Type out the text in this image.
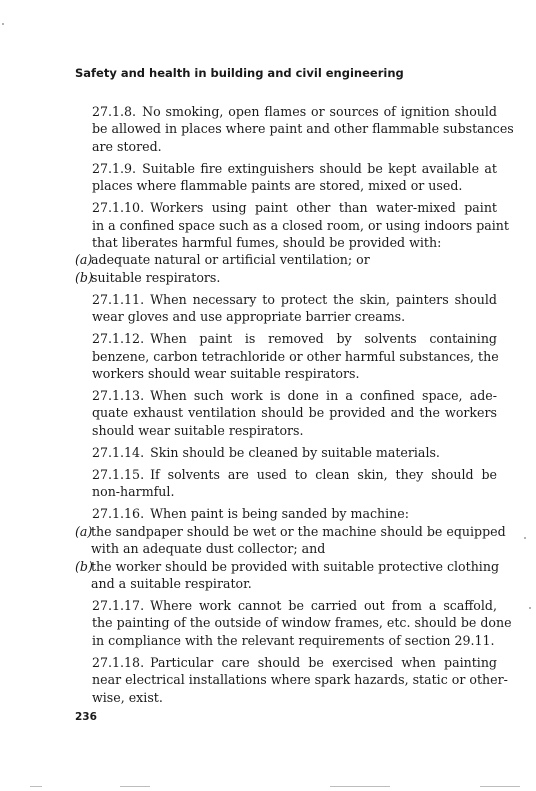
Safety and health in building and civil engineering
27.1.8. No smoking, open flames or sources of ignition should
be allowed in places where paint and other flammable substances
are stored.
27.1.9. Suitable fire extinguishers should be kept available at
places where flammable paints are stored, mixed or used.
27.1.10. Workers using paint other than water-mixed paint
in a confined space such as a closed room, or using indoors paint
that liberates harmful fumes, should be provided with:
(a)adequate natural or artificial ventilation; or
(b)suitable respirators.
27.1.11. When necessary to protect the skin, painters should
wear gloves and use appropriate barrier creams.
27.1.12. When paint is removed by solvents containing
benzene, carbon tetrachloride or other harmful substances, the
workers should wear suitable respirators.
27.1.13. When such work is done in a confined space, ade-
quate exhaust ventilation should be provided and the workers
should wear suitable respirators.
27.1.14. Skin should be cleaned by suitable materials.
27.1.15. If solvents are used to clean skin, they should be
non-harmful.
27.1.16. When paint is being sanded by machine:
(a)the sandpaper should be wet or the machine should be equipped
with an adequate dust collector; and
(b)the worker should be provided with suitable protective clothing
and a suitable respirator.
27.1.17. Where work cannot be carried out from a scaffold,
the painting of the outside of window frames, etc. should be done
in compliance with the relevant requirements of section 29.11.
27.1.18. Particular care should be exercised when painting
near electrical installations where spark hazards, static or other-
wise, exist.
236
